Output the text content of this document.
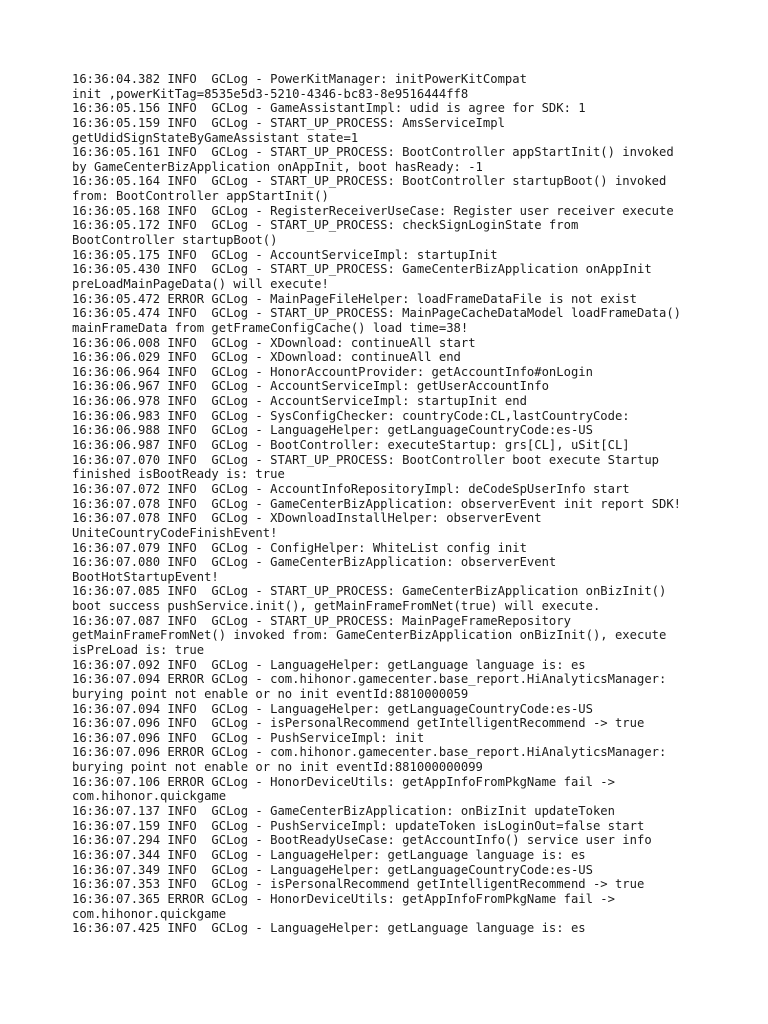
16:36:04.382 INFO  GCLog - PowerKitManager: initPowerKitCompat
init ,powerKitTag=8535e5d3-5210-4346-bc83-8e9516444ff8
16:36:05.156 INFO  GCLog - GameAssistantImpl: udid is agree for SDK: 1
16:36:05.159 INFO  GCLog - START_UP_PROCESS: AmsServiceImpl
getUdidSignStateByGameAssistant state=1
16:36:05.161 INFO  GCLog - START_UP_PROCESS: BootController appStartInit() invoked
by GameCenterBizApplication onAppInit, boot hasReady: -1
16:36:05.164 INFO  GCLog - START_UP_PROCESS: BootController startupBoot() invoked
from: BootController appStartInit()
16:36:05.168 INFO  GCLog - RegisterReceiverUseCase: Register user receiver execute
16:36:05.172 INFO  GCLog - START_UP_PROCESS: checkSignLoginState from
BootController startupBoot()
16:36:05.175 INFO  GCLog - AccountServiceImpl: startupInit
16:36:05.430 INFO  GCLog - START_UP_PROCESS: GameCenterBizApplication onAppInit
preLoadMainPageData() will execute!
16:36:05.472 ERROR GCLog - MainPageFileHelper: loadFrameDataFile is not exist
16:36:05.474 INFO  GCLog - START_UP_PROCESS: MainPageCacheDataModel loadFrameData()
mainFrameData from getFrameConfigCache() load time=38!
16:36:06.008 INFO  GCLog - XDownload: continueAll start
16:36:06.029 INFO  GCLog - XDownload: continueAll end
16:36:06.964 INFO  GCLog - HonorAccountProvider: getAccountInfo#onLogin
16:36:06.967 INFO  GCLog - AccountServiceImpl: getUserAccountInfo
16:36:06.978 INFO  GCLog - AccountServiceImpl: startupInit end
16:36:06.983 INFO  GCLog - SysConfigChecker: countryCode:CL,lastCountryCode:
16:36:06.988 INFO  GCLog - LanguageHelper: getLanguageCountryCode:es-US
16:36:06.987 INFO  GCLog - BootController: executeStartup: grs[CL], uSit[CL]
16:36:07.070 INFO  GCLog - START_UP_PROCESS: BootController boot execute Startup
finished isBootReady is: true
16:36:07.072 INFO  GCLog - AccountInfoRepositoryImpl: deCodeSpUserInfo start
16:36:07.078 INFO  GCLog - GameCenterBizApplication: observerEvent init report SDK!
16:36:07.078 INFO  GCLog - XDownloadInstallHelper: observerEvent
UniteCountryCodeFinishEvent!
16:36:07.079 INFO  GCLog - ConfigHelper: WhiteList config init
16:36:07.080 INFO  GCLog - GameCenterBizApplication: observerEvent
BootHotStartupEvent!
16:36:07.085 INFO  GCLog - START_UP_PROCESS: GameCenterBizApplication onBizInit()
boot success pushService.init(), getMainFrameFromNet(true) will execute.
16:36:07.087 INFO  GCLog - START_UP_PROCESS: MainPageFrameRepository
getMainFrameFromNet() invoked from: GameCenterBizApplication onBizInit(), execute
isPreLoad is: true
16:36:07.092 INFO  GCLog - LanguageHelper: getLanguage language is: es
16:36:07.094 ERROR GCLog - com.hihonor.gamecenter.base_report.HiAnalyticsManager:
burying point not enable or no init eventId:8810000059
16:36:07.094 INFO  GCLog - LanguageHelper: getLanguageCountryCode:es-US
16:36:07.096 INFO  GCLog - isPersonalRecommend getIntelligentRecommend -> true
16:36:07.096 INFO  GCLog - PushServiceImpl: init
16:36:07.096 ERROR GCLog - com.hihonor.gamecenter.base_report.HiAnalyticsManager:
burying point not enable or no init eventId:881000000099
16:36:07.106 ERROR GCLog - HonorDeviceUtils: getAppInfoFromPkgName fail ->
com.hihonor.quickgame
16:36:07.137 INFO  GCLog - GameCenterBizApplication: onBizInit updateToken
16:36:07.159 INFO  GCLog - PushServiceImpl: updateToken isLoginOut=false start
16:36:07.294 INFO  GCLog - BootReadyUseCase: getAccountInfo() service user info
16:36:07.344 INFO  GCLog - LanguageHelper: getLanguage language is: es
16:36:07.349 INFO  GCLog - LanguageHelper: getLanguageCountryCode:es-US
16:36:07.353 INFO  GCLog - isPersonalRecommend getIntelligentRecommend -> true
16:36:07.365 ERROR GCLog - HonorDeviceUtils: getAppInfoFromPkgName fail ->
com.hihonor.quickgame
16:36:07.425 INFO  GCLog - LanguageHelper: getLanguage language is: es
